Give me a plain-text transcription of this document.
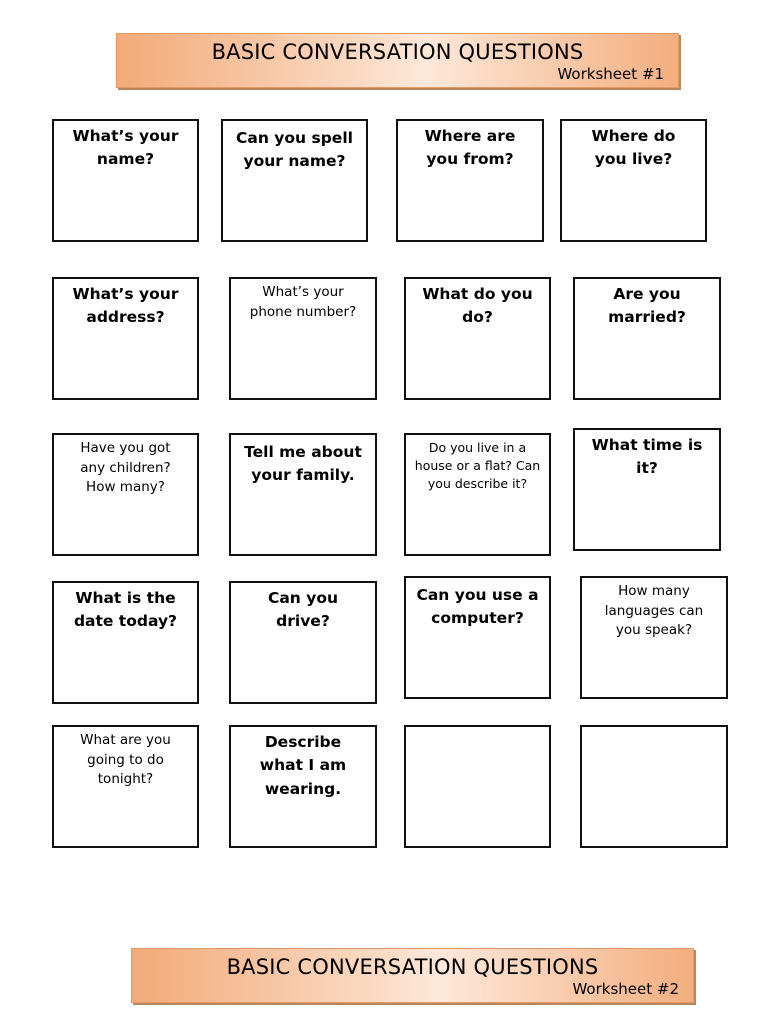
BASIC CONVERSATION QUESTIONS
Worksheet #1
What’s your name?
Can you spell your name?
Where are you from?
Where do you live?
What’s your address?
What’s your phone number?
What do you do?
Are you married?
Have you got any children? How many?
Tell me about your family.
Do you live in a house or a flat? Can you describe it?
What time is it?
What is the date today?
Can you drive?
Can you use a computer?
How many languages can you speak?
What are you going to do tonight?
Describe what I am wearing.
BASIC CONVERSATION QUESTIONS
Worksheet #2
